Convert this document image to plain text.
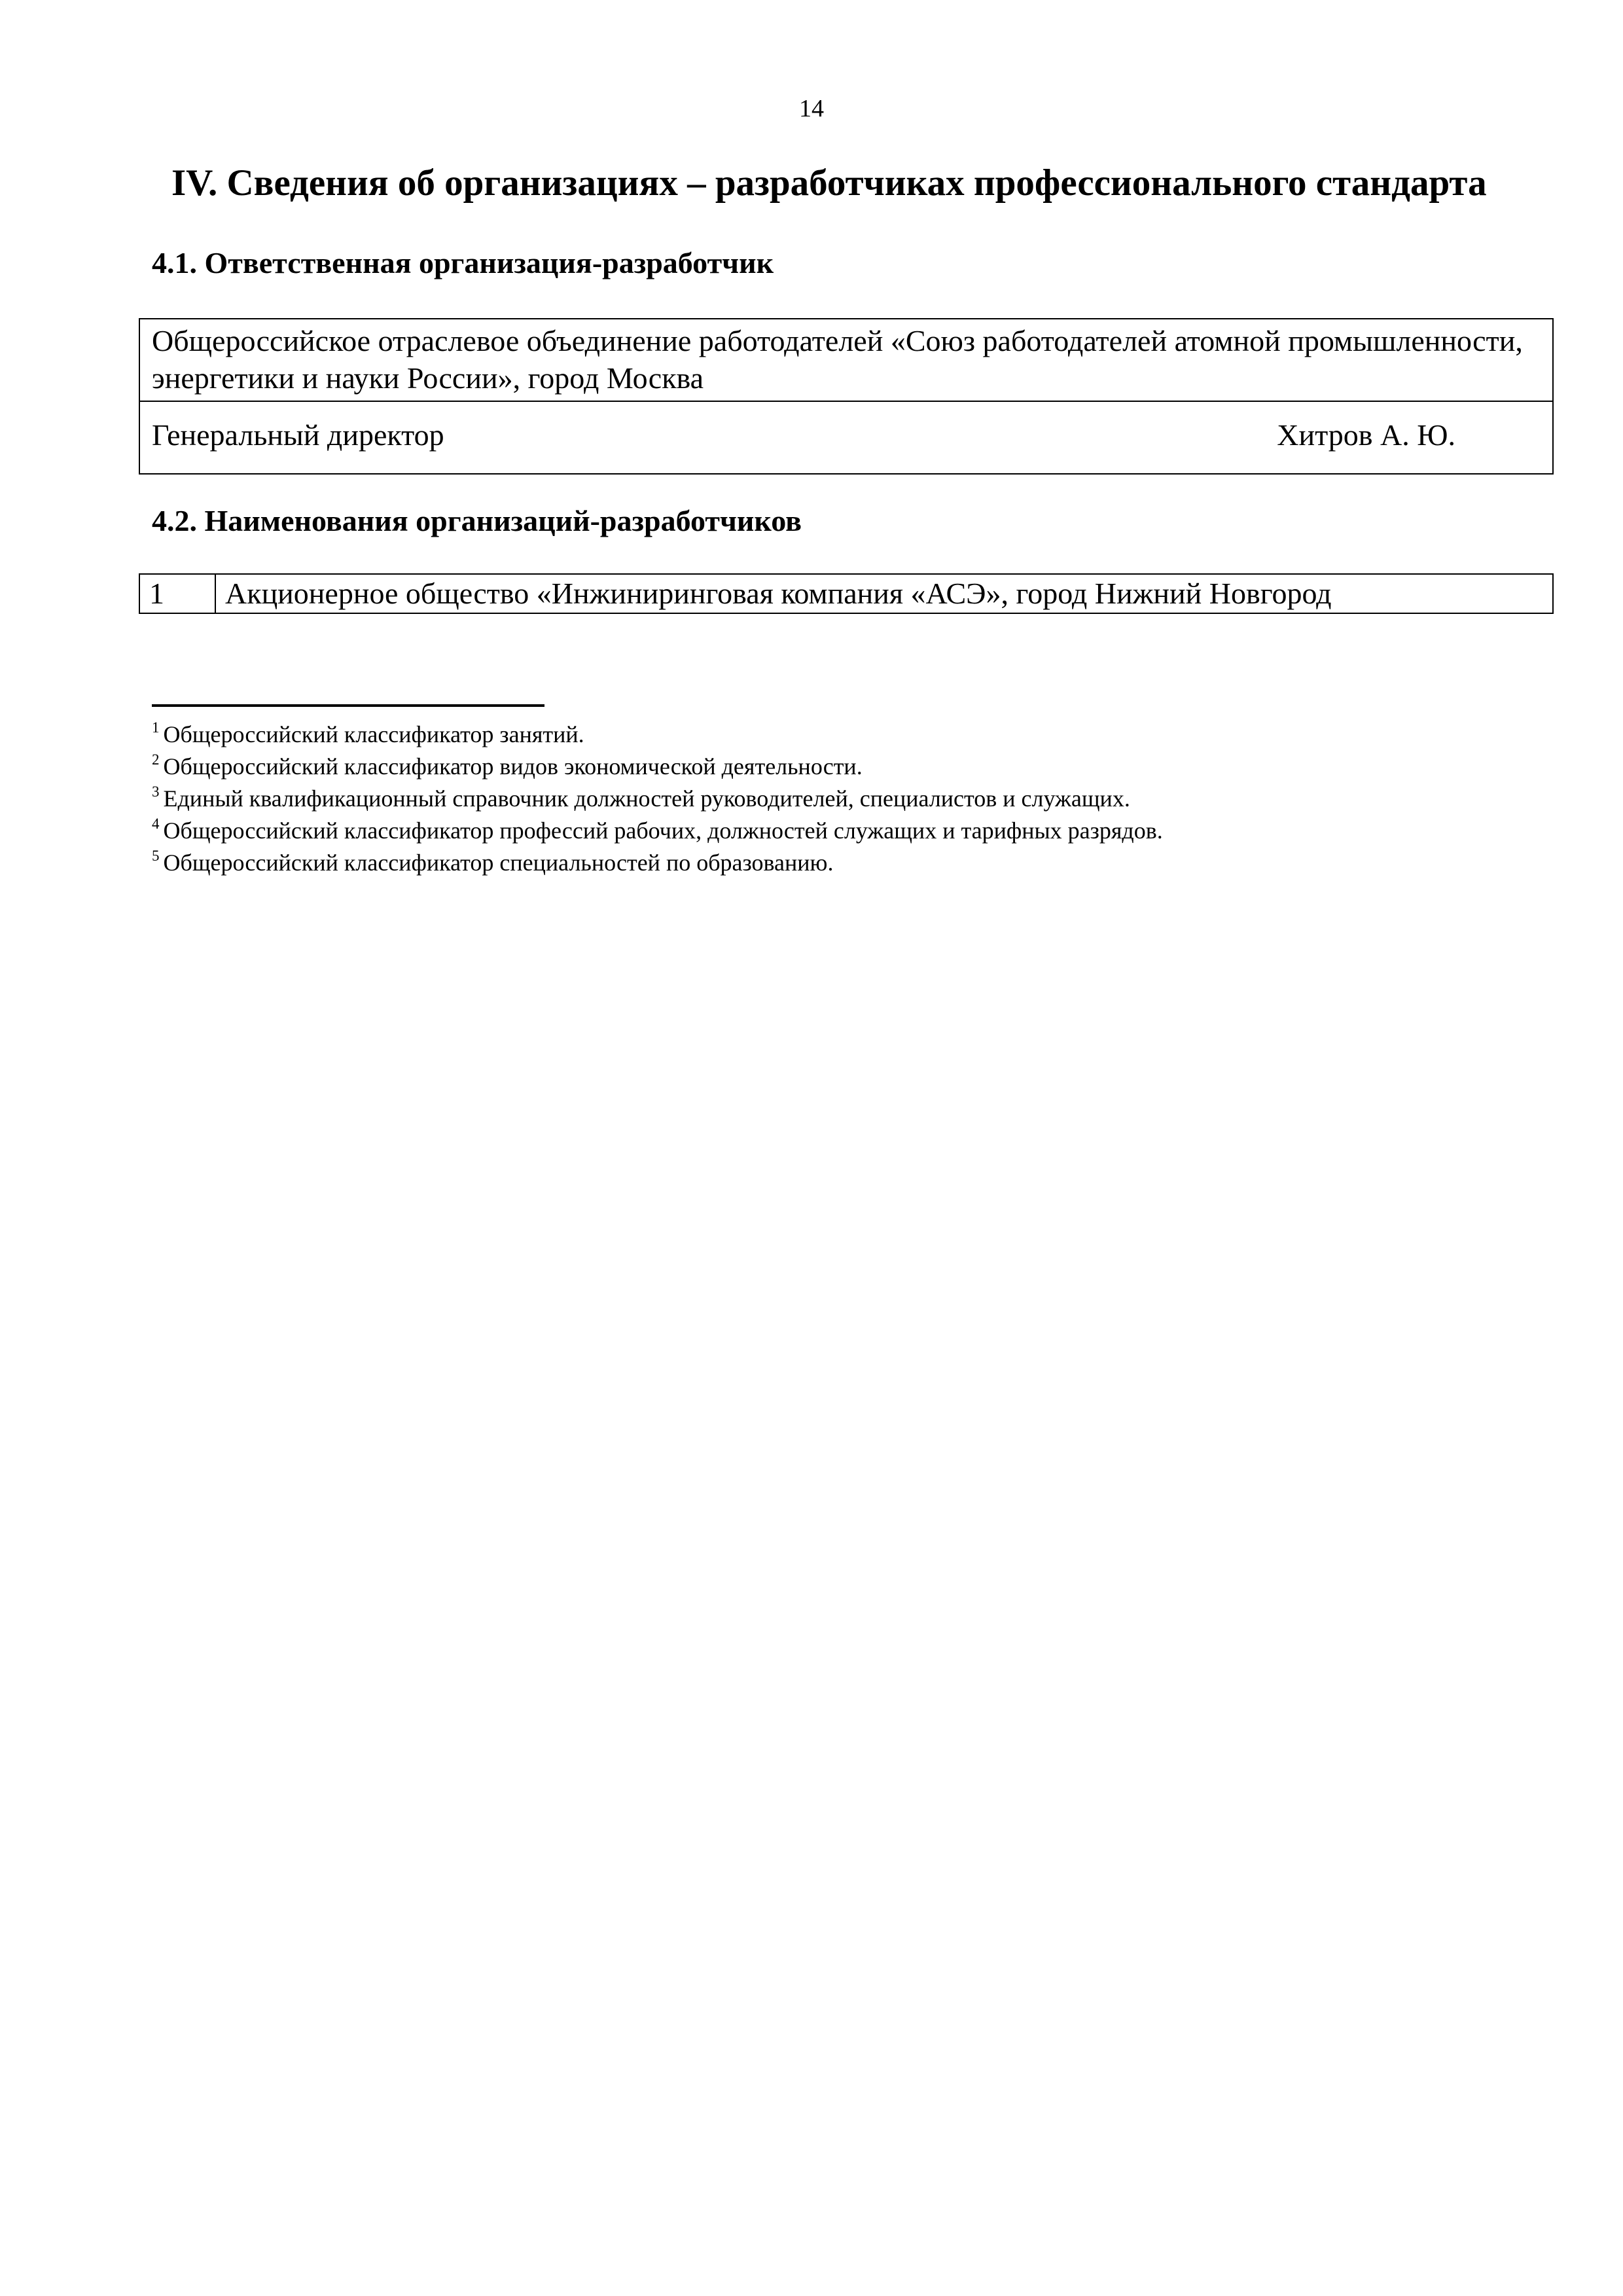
14
IV. Сведения об организациях – разработчиках профессионального стандарта
4.1. Ответственная организация-разработчик
Общероссийское отраслевое объединение работодателей «Союз работодателей атомной промышленности, энергетики и науки России», город Москва

Генеральный директор	Хитров А. Ю.
4.2. Наименования организаций-разработчиков
1	Акционерное общество «Инжиниринговая компания «АСЭ», город Нижний Новгород
$^1$ Общероссийский классификатор занятий.
$^2$ Общероссийский классификатор видов экономической деятельности.
$^3$ Единый квалификационный справочник должностей руководителей, специалистов и служащих.
$^4$ Общероссийский классификатор профессий рабочих, должностей служащих и тарифных разрядов.
$^5$ Общероссийский классификатор специальностей по образованию.
